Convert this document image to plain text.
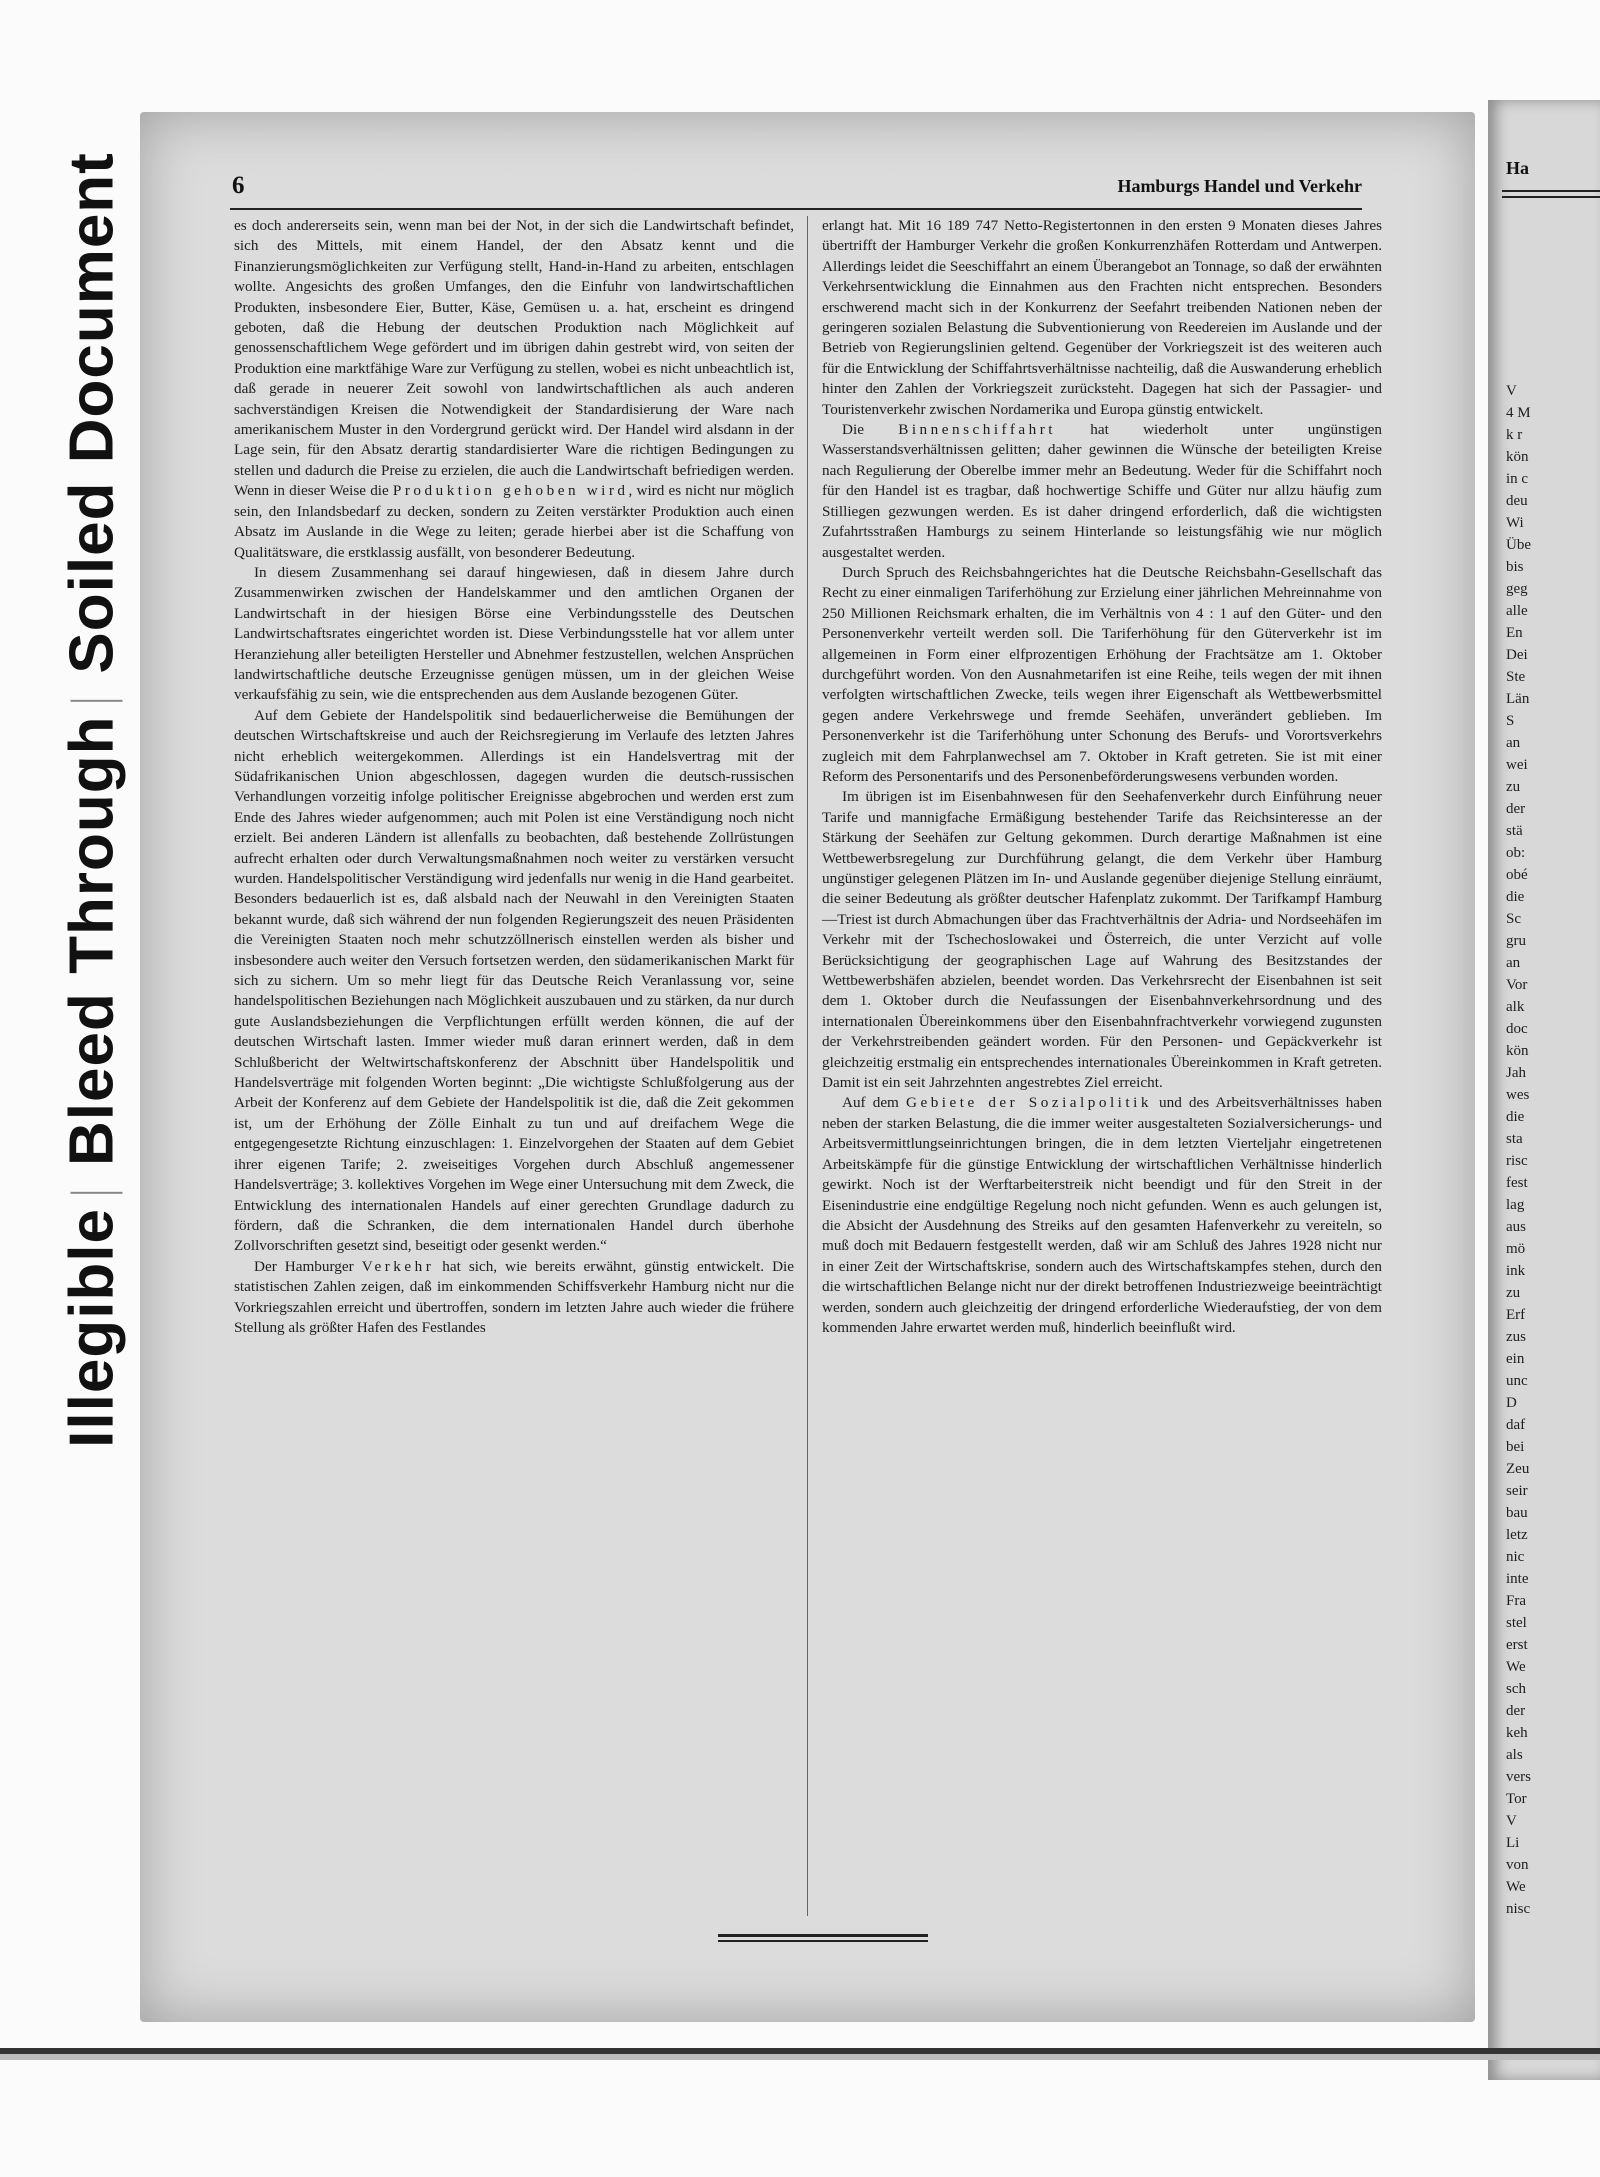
IllegibleBleed ThroughSoiled Document	6	Hamburgs Handel und Verkehr

es doch andererseits sein, wenn man bei der Not, in der sich die Landwirtschaft befindet, sich des Mittels, mit einem Handel, der den Absatz kennt und die Finanzierungsmöglichkeiten zur Verfügung stellt, Hand-in-Hand zu arbeiten, entschlagen wollte. Angesichts des großen Umfanges, den die Einfuhr von landwirtschaftlichen Produkten, insbesondere Eier, Butter, Käse, Gemüsen u. a. hat, erscheint es dringend geboten, daß die Hebung der deutschen Produktion nach Möglichkeit auf genossenschaftlichem Wege gefördert und im übrigen dahin gestrebt wird, von seiten der Produktion eine marktfähige Ware zur Verfügung zu stellen, wobei es nicht unbeachtlich ist, daß gerade in neuerer Zeit sowohl von landwirtschaftlichen als auch anderen sachverständigen Kreisen die Notwendigkeit der Standardisierung der Ware nach amerikanischem Muster in den Vordergrund gerückt wird. Der Handel wird alsdann in der Lage sein, für den Absatz derartig standardisierter Ware die richtigen Bedingungen zu stellen und dadurch die Preise zu erzielen, die auch die Landwirtschaft befriedigen werden. Wenn in dieser Weise die Produktion gehoben wird, wird es nicht nur möglich sein, den Inlandsbedarf zu decken, sondern zu Zeiten verstärkter Produktion auch einen Absatz im Auslande in die Wege zu leiten; gerade hierbei aber ist die Schaffung von Qualitätsware, die erstklassig ausfällt, von besonderer Bedeutung.

In diesem Zusammenhang sei darauf hingewiesen, daß in diesem Jahre durch Zusammenwirken zwischen der Handelskammer und den amtlichen Organen der Landwirtschaft in der hiesigen Börse eine Verbindungsstelle des Deutschen Landwirtschaftsrates eingerichtet worden ist. Diese Verbindungsstelle hat vor allem unter Heranziehung aller beteiligten Hersteller und Abnehmer festzustellen, welchen Ansprüchen landwirtschaftliche deutsche Erzeugnisse genügen müssen, um in der gleichen Weise verkaufsfähig zu sein, wie die entsprechenden aus dem Auslande bezogenen Güter.

Auf dem Gebiete der Handelspolitik sind bedauerlicherweise die Bemühungen der deutschen Wirtschaftskreise und auch der Reichsregierung im Verlaufe des letzten Jahres nicht erheblich weitergekommen. Allerdings ist ein Handelsvertrag mit der Südafrikanischen Union abgeschlossen, dagegen wurden die deutsch-russischen Verhandlungen vorzeitig infolge politischer Ereignisse abgebrochen und werden erst zum Ende des Jahres wieder aufgenommen; auch mit Polen ist eine Verständigung noch nicht erzielt. Bei anderen Ländern ist allenfalls zu beobachten, daß bestehende Zollrüstungen aufrecht erhalten oder durch Verwaltungsmaßnahmen noch weiter zu verstärken versucht wurden. Handelspolitischer Verständigung wird jedenfalls nur wenig in die Hand gearbeitet. Besonders bedauerlich ist es, daß alsbald nach der Neuwahl in den Vereinigten Staaten bekannt wurde, daß sich während der nun folgenden Regierungszeit des neuen Präsidenten die Vereinigten Staaten noch mehr schutzzöllnerisch einstellen werden als bisher und insbesondere auch weiter den Versuch fortsetzen werden, den südamerikanischen Markt für sich zu sichern. Um so mehr liegt für das Deutsche Reich Veranlassung vor, seine handelspolitischen Beziehungen nach Möglichkeit auszubauen und zu stärken, da nur durch gute Auslandsbeziehungen die Verpflichtungen erfüllt werden können, die auf der deutschen Wirtschaft lasten. Immer wieder muß daran erinnert werden, daß in dem Schlußbericht der Weltwirtschaftskonferenz der Abschnitt über Handelspolitik und Handelsverträge mit folgenden Worten beginnt: „Die wichtigste Schlußfolgerung aus der Arbeit der Konferenz auf dem Gebiete der Handelspolitik ist die, daß die Zeit gekommen ist, um der Erhöhung der Zölle Einhalt zu tun und auf dreifachem Wege die entgegengesetzte Richtung einzuschlagen: 1. Einzelvorgehen der Staaten auf dem Gebiet ihrer eigenen Tarife; 2. zweiseitiges Vorgehen durch Abschluß angemessener Handelsverträge; 3. kollektives Vorgehen im Wege einer Untersuchung mit dem Zweck, die Entwicklung des internationalen Handels auf einer gerechten Grundlage dadurch zu fördern, daß die Schranken, die dem internationalen Handel durch überhohe Zollvorschriften gesetzt sind, beseitigt oder gesenkt werden.“

Der Hamburger Verkehr hat sich, wie bereits erwähnt, günstig entwickelt. Die statistischen Zahlen zeigen, daß im einkommenden Schiffsverkehr Hamburg nicht nur die Vorkriegszahlen erreicht und übertroffen, sondern im letzten Jahre auch wieder die frühere Stellung als größter Hafen des Festlandes

erlangt hat. Mit 16 189 747 Netto-Registertonnen in den ersten 9 Monaten dieses Jahres übertrifft der Hamburger Verkehr die großen Konkurrenzhäfen Rotterdam und Antwerpen. Allerdings leidet die Seeschiffahrt an einem Überangebot an Tonnage, so daß der erwähnten Verkehrsentwicklung die Einnahmen aus den Frachten nicht entsprechen. Besonders erschwerend macht sich in der Konkurrenz der Seefahrt treibenden Nationen neben der geringeren sozialen Belastung die Subventionierung von Reedereien im Auslande und der Betrieb von Regierungslinien geltend. Gegenüber der Vorkriegszeit ist des weiteren auch für die Entwicklung der Schiffahrtsverhältnisse nachteilig, daß die Auswanderung erheblich hinter den Zahlen der Vorkriegszeit zurücksteht. Dagegen hat sich der Passagier- und Touristenverkehr zwischen Nordamerika und Europa günstig entwickelt.

Die Binnenschiffahrt hat wiederholt unter ungünstigen Wasserstandsverhältnissen gelitten; daher gewinnen die Wünsche der beteiligten Kreise nach Regulierung der Oberelbe immer mehr an Bedeutung. Weder für die Schiffahrt noch für den Handel ist es tragbar, daß hochwertige Schiffe und Güter nur allzu häufig zum Stilliegen gezwungen werden. Es ist daher dringend erforderlich, daß die wichtigsten Zufahrtsstraßen Hamburgs zu seinem Hinterlande so leistungsfähig wie nur möglich ausgestaltet werden.

Durch Spruch des Reichsbahngerichtes hat die Deutsche Reichsbahn-Gesellschaft das Recht zu einer einmaligen Tariferhöhung zur Erzielung einer jährlichen Mehreinnahme von 250 Millionen Reichsmark erhalten, die im Verhältnis von 4 : 1 auf den Güter- und den Personenverkehr verteilt werden soll. Die Tariferhöhung für den Güterverkehr ist im allgemeinen in Form einer elfprozentigen Erhöhung der Frachtsätze am 1. Oktober durchgeführt worden. Von den Ausnahmetarifen ist eine Reihe, teils wegen der mit ihnen verfolgten wirtschaftlichen Zwecke, teils wegen ihrer Eigenschaft als Wettbewerbsmittel gegen andere Verkehrswege und fremde Seehäfen, unverändert geblieben. Im Personenverkehr ist die Tariferhöhung unter Schonung des Berufs- und Vorortsverkehrs zugleich mit dem Fahrplanwechsel am 7. Oktober in Kraft getreten. Sie ist mit einer Reform des Personentarifs und des Personenbeförderungswesens verbunden worden.

Im übrigen ist im Eisenbahnwesen für den Seehafenverkehr durch Einführung neuer Tarife und mannigfache Ermäßigung bestehender Tarife das Reichsinteresse an der Stärkung der Seehäfen zur Geltung gekommen. Durch derartige Maßnahmen ist eine Wettbewerbsregelung zur Durchführung gelangt, die dem Verkehr über Hamburg ungünstiger gelegenen Plätzen im In- und Auslande gegenüber diejenige Stellung einräumt, die seiner Bedeutung als größter deutscher Hafenplatz zukommt. Der Tarifkampf Hamburg—Triest ist durch Abmachungen über das Frachtverhältnis der Adria- und Nordseehäfen im Verkehr mit der Tschechoslowakei und Österreich, die unter Verzicht auf volle Berücksichtigung der geographischen Lage auf Wahrung des Besitzstandes der Wettbewerbshäfen abzielen, beendet worden. Das Verkehrsrecht der Eisenbahnen ist seit dem 1. Oktober durch die Neufassungen der Eisenbahnverkehrsordnung und des internationalen Übereinkommens über den Eisenbahnfrachtverkehr vorwiegend zugunsten der Verkehrstreibenden geändert worden. Für den Personen- und Gepäckverkehr ist gleichzeitig erstmalig ein entsprechendes internationales Übereinkommen in Kraft getreten. Damit ist ein seit Jahrzehnten angestrebtes Ziel erreicht.

Auf dem Gebiete der Sozialpolitik und des Arbeitsverhältnisses haben neben der starken Belastung, die die immer weiter ausgestalteten Sozialversicherungs- und Arbeitsvermittlungseinrichtungen bringen, die in dem letzten Vierteljahr eingetretenen Arbeitskämpfe für die günstige Entwicklung der wirtschaftlichen Verhältnisse hinderlich gewirkt. Noch ist der Werftarbeiterstreik nicht beendigt und für den Streit in der Eisenindustrie eine endgültige Regelung noch nicht gefunden. Wenn es auch gelungen ist, die Absicht der Ausdehnung des Streiks auf den gesamten Hafenverkehr zu vereiteln, so muß doch mit Bedauern festgestellt werden, daß wir am Schluß des Jahres 1928 nicht nur in einer Zeit der Wirtschaftskrise, sondern auch des Wirtschaftskampfes stehen, durch den die wirtschaftlichen Belange nicht nur der direkt betroffenen Industriezweige beeinträchtigt werden, sondern auch gleichzeitig der dringend erforderliche Wiederaufstieg, der von dem kommenden Jahre erwartet werden muß, hinderlich beeinflußt wird.

Ha
V
4 M
k r
kön
in c
deu
Wi
Übe
bis
geg
alle
En
Dei
Ste
Län
S
an
wei
zu
der
stä
ob:
obé
die
Sc
gru
an
Vor
alk
doc
kön
Jah
wes
die
sta
risc
fest
lag
aus
mö
ink
zu
Erf
zus
ein
unc
D
daf
bei
Zeu
seir
bau
letz
nic
inte
Fra
stel
erst
We
sch
der
keh
als
vers
Tor
V
Li
von
We
nisc
